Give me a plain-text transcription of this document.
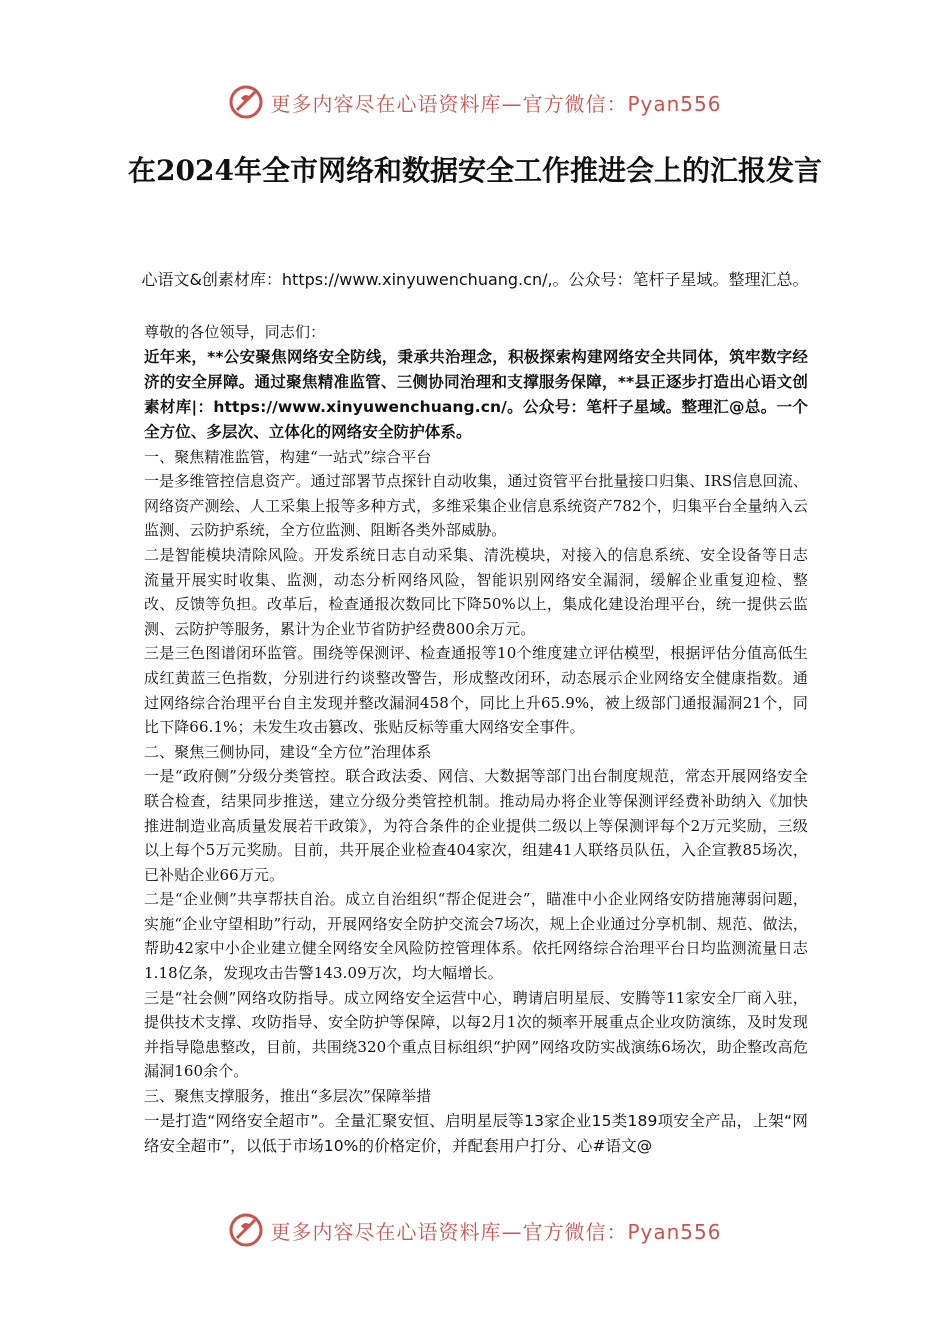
更多内容尽在心语资料库—官方微信：Pyan556
在2024年全市网络和数据安全工作推进会上的汇报发言
心语文&创素材库：https://www.xinyuwenchuang.cn/,。公众号：笔杆子星域。整理汇总。

尊敬的各位领导，同志们：

近年来，**公安聚焦网络安全防线，秉承共治理念，积极探索构建网络安全共同体，筑牢数字经济的安全屏障。通过聚焦精准监管、三侧协同治理和支撑服务保障，**县正逐步打造出心语文创素材库|：https://www.xinyuwenchuang.cn/。公众号：笔杆子星域。整理汇@总。一个全方位、多层次、立体化的网络安全防护体系。

一、聚焦精准监管，构建“一站式”综合平台

一是多维管控信息资产。通过部署节点探针自动收集，通过资管平台批量接口归集、IRS信息回流、网络资产测绘、人工采集上报等多种方式，多维采集企业信息系统资产782个，归集平台全量纳入云监测、云防护系统，全方位监测、阻断各类外部威胁。

二是智能模块清除风险。开发系统日志自动采集、清洗模块，对接入的信息系统、安全设备等日志流量开展实时收集、监测，动态分析网络风险，智能识别网络安全漏洞，缓解企业重复迎检、整改、反馈等负担。改革后，检查通报次数同比下降50%以上，集成化建设治理平台，统一提供云监测、云防护等服务，累计为企业节省防护经费800余万元。

三是三色图谱闭环监管。围绕等保测评、检查通报等10个维度建立评估模型，根据评估分值高低生成红黄蓝三色指数，分别进行约谈整改警告，形成整改闭环，动态展示企业网络安全健康指数。通过网络综合治理平台自主发现并整改漏洞458个，同比上升65.9%，被上级部门通报漏洞21个，同比下降66.1%；未发生攻击篡改、张贴反标等重大网络安全事件。

二、聚焦三侧协同，建设“全方位”治理体系

一是“政府侧”分级分类管控。联合政法委、网信、大数据等部门出台制度规范，常态开展网络安全联合检查，结果同步推送，建立分级分类管控机制。推动局办将企业等保测评经费补助纳入《加快推进制造业高质量发展若干政策》，为符合条件的企业提供二级以上等保测评每个2万元奖励，三级以上每个5万元奖励。目前，共开展企业检查404家次，组建41人联络员队伍，入企宣教85场次，已补贴企业66万元。

二是“企业侧”共享帮扶自治。成立自治组织“帮企促进会”，瞄准中小企业网络安防措施薄弱问题，实施“企业守望相助”行动，开展网络安全防护交流会7场次，规上企业通过分享机制、规范、做法，帮助42家中小企业建立健全网络安全风险防控管理体系。依托网络综合治理平台日均监测流量日志1.18亿条，发现攻击告警143.09万次，均大幅增长。

三是“社会侧”网络攻防指导。成立网络安全运营中心，聘请启明星辰、安腾等11家安全厂商入驻，提供技术支撑、攻防指导、安全防护等保障，以每2月1次的频率开展重点企业攻防演练，及时发现并指导隐患整改，目前，共围绕320个重点目标组织“护网”网络攻防实战演练6场次，助企整改高危漏洞160余个。

三、聚焦支撑服务，推出“多层次”保障举措

一是打造“网络安全超市”。全量汇聚安恒、启明星辰等13家企业15类189项安全产品，上架“网络安全超市”，以低于市场10%的价格定价，并配套用户打分、心#语文@

更多内容尽在心语资料库—官方微信：Pyan556
